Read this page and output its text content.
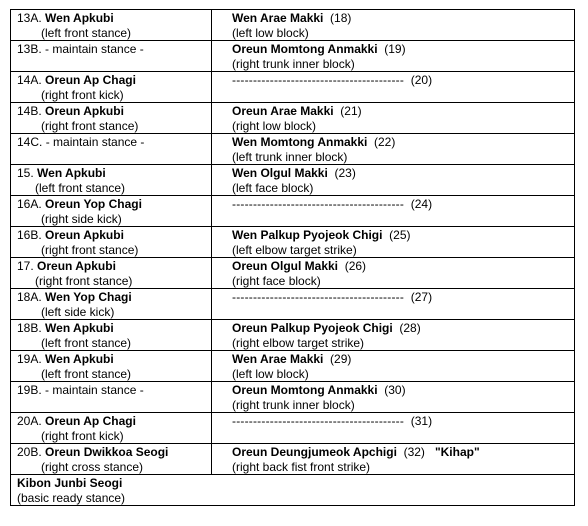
13A. Wen Apkubi
(left front stance)	Wen Arae Makki (18)
(left low block)

13B. - maintain stance -	Oreun Momtong Anmakki (19)
(right trunk inner block)

14A. Oreun Ap Chagi
(right front kick)	----------------------------------------- (20)

14B. Oreun Apkubi
(right front stance)	Oreun Arae Makki (21)
(right low block)

14C. - maintain stance -	Wen Momtong Anmakki (22)
(left trunk inner block)

15. Wen Apkubi
(left front stance)	Wen Olgul Makki (23)
(left face block)

16A. Oreun Yop Chagi
(right side kick)	----------------------------------------- (24)

16B. Oreun Apkubi
(right front stance)	Wen Palkup Pyojeok Chigi (25)
(left elbow target strike)

17. Oreun Apkubi
(right front stance)	Oreun Olgul Makki (26)
(right face block)

18A. Wen Yop Chagi
(left side kick)	----------------------------------------- (27)

18B. Wen Apkubi
(left front stance)	Oreun Palkup Pyojeok Chigi (28)
(right elbow target strike)

19A. Wen Apkubi
(left front stance)	Wen Arae Makki (29)
(left low block)

19B. - maintain stance -	Oreun Momtong Anmakki (30)
(right trunk inner block)

20A. Oreun Ap Chagi
(right front kick)	----------------------------------------- (31)

20B. Oreun Dwikkoa Seogi
(right cross stance)	Oreun Deungjumeok Apchigi (32) "Kihap"
(right back fist front strike)

Kibon Junbi Seogi
(basic ready stance)	
